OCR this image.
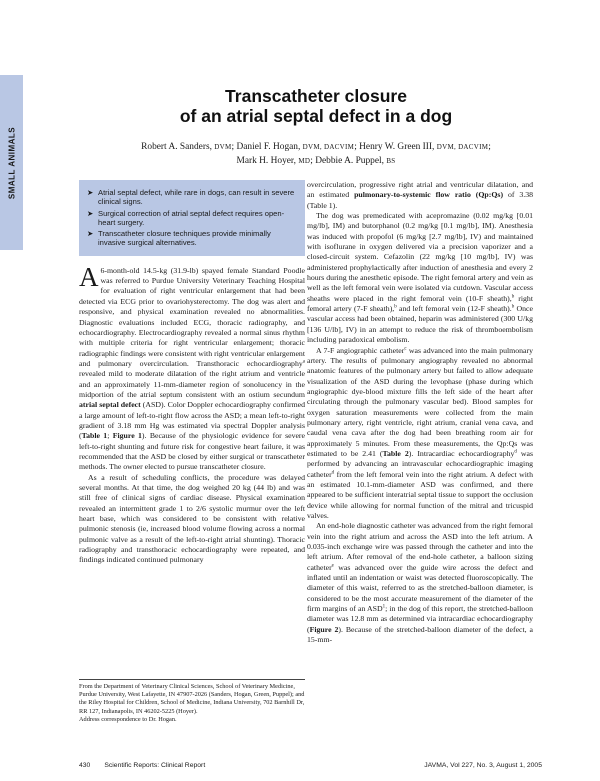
SMALL ANIMALS
Transcatheter closure
of an atrial septal defect in a dog

Robert A. Sanders, DVM; Daniel F. Hogan, DVM, DACVIM; Henry W. Green III, DVM, DACVIM;
Mark H. Hoyer, MD; Debbie A. Puppel, BS

➤ Atrial septal defect, while rare in dogs, can result in severe clinical signs.
➤ Surgical correction of atrial septal defect requires open-heart surgery.
➤ Transcatheter closure techniques provide minimally invasive surgical alternatives.

A 6-month-old 14.5-kg (31.9-lb) spayed female Standard Poodle was referred to Purdue University Veterinary Teaching Hospital for evaluation of right ventricular enlargement that had been detected via ECG prior to ovariohysterectomy. The dog was alert and responsive, and physical examination revealed no abnormalities. Diagnostic evaluations included ECG, thoracic radiography, and echocardiography. Electrocardiography revealed a normal sinus rhythm with multiple criteria for right ventricular enlargement; thoracic radiographic findings were consistent with right ventricular enlargement and pulmonary overcirculation. Transthoracic echocardiography$^a$ revealed mild to moderate dilatation of the right atrium and ventricle and an approximately 11-mm-diameter region of sonolucency in the midportion of the atrial septum consistent with an ostium secundum atrial septal defect (ASD). Color Doppler echocardiography confirmed a large amount of left-to-right flow across the ASD; a mean left-to-right gradient of 3.18 mm Hg was estimated via spectral Doppler analysis (Table 1; Figure 1). Because of the physiologic evidence for severe left-to-right shunting and future risk for congestive heart failure, it was recommended that the ASD be closed by either surgical or transcatheter methods. The owner elected to pursue transcatheter closure.

As a result of scheduling conflicts, the procedure was delayed several months. At that time, the dog weighed 20 kg (44 lb) and was still free of clinical signs of cardiac disease. Physical examination revealed an intermittent grade 1 to 2/6 systolic murmur over the left heart base, which was considered to be consistent with relative pulmonic stenosis (ie, increased blood volume flowing across a normal pulmonic valve as a result of the left-to-right atrial shunting). Thoracic radiography and transthoracic echocardiography were repeated, and findings indicated continued pulmonary

overcirculation, progressive right atrial and ventricular dilatation, and an estimated pulmonary-to-systemic flow ratio (Qp:Qs) of 3.38 (Table 1).

The dog was premedicated with acepromazine (0.02 mg/kg [0.01 mg/lb], IM) and butorphanol (0.2 mg/kg [0.1 mg/lb], IM). Anesthesia was induced with propofol (6 mg/kg [2.7 mg/lb], IV) and maintained with isoflurane in oxygen delivered via a precision vaporizer and a closed-circuit system. Cefazolin (22 mg/kg [10 mg/lb], IV) was administered prophylactically after induction of anesthesia and every 2 hours during the anesthetic episode. The right femoral artery and vein as well as the left femoral vein were isolated via cutdown. Vascular access sheaths were placed in the right femoral vein (10-F sheath),$^b$ right femoral artery (7-F sheath),$^b$ and left femoral vein (12-F sheath).$^b$ Once vascular access had been obtained, heparin was administered (300 U/kg [136 U/lb], IV) in an attempt to reduce the risk of thromboembolism including paradoxical embolism.

A 7-F angiographic catheter$^c$ was advanced into the main pulmonary artery. The results of pulmonary angiography revealed no abnormal anatomic features of the pulmonary artery but failed to allow adequate visualization of the ASD during the levophase (phase during which angiographic dye-blood mixture fills the left side of the heart after circulating through the pulmonary vascular bed). Blood samples for oxygen saturation measurements were collected from the main pulmonary artery, right ventricle, right atrium, cranial vena cava, and caudal vena cava after the dog had been breathing room air for approximately 5 minutes. From these measurements, the Qp:Qs was estimated to be 2.41 (Table 2). Intracardiac echocardiography$^d$ was performed by advancing an intravascular echocardiographic imaging catheter$^d$ from the left femoral vein into the right atrium. A defect with an estimated 10.1-mm-diameter ASD was confirmed, and there appeared to be sufficient interatrial septal tissue to support the occlusion device while allowing for normal function of the mitral and tricuspid valves.

An end-hole diagnostic catheter was advanced from the right femoral vein into the right atrium and across the ASD into the left atrium. A 0.035-inch exchange wire was passed through the catheter and into the left atrium. After removal of the end-hole catheter, a balloon sizing catheter$^e$ was advanced over the guide wire across the defect and inflated until an indentation or waist was detected fluoroscopically. The diameter of this waist, referred to as the stretched-balloon diameter, is considered to be the most accurate measurement of the diameter of the firm margins of an ASD$^1$; in the dog of this report, the stretched-balloon diameter was 12.8 mm as determined via intracardiac echocardiography (Figure 2). Because of the stretched-balloon diameter of the defect, a 15-mm-

From the Department of Veterinary Clinical Sciences, School of Veterinary Medicine, Purdue University, West Lafayette, IN 47907-2026 (Sanders, Hogan, Green, Puppel); and the Riley Hospital for Children, School of Medicine, Indiana University, 702 Barnhill Dr, RR 127, Indianapolis, IN 46202-5225 (Hoyer).

Address correspondence to Dr. Hogan.

430 Scientific Reports: Clinical Report	JAVMA, Vol 227, No. 3, August 1, 2005
